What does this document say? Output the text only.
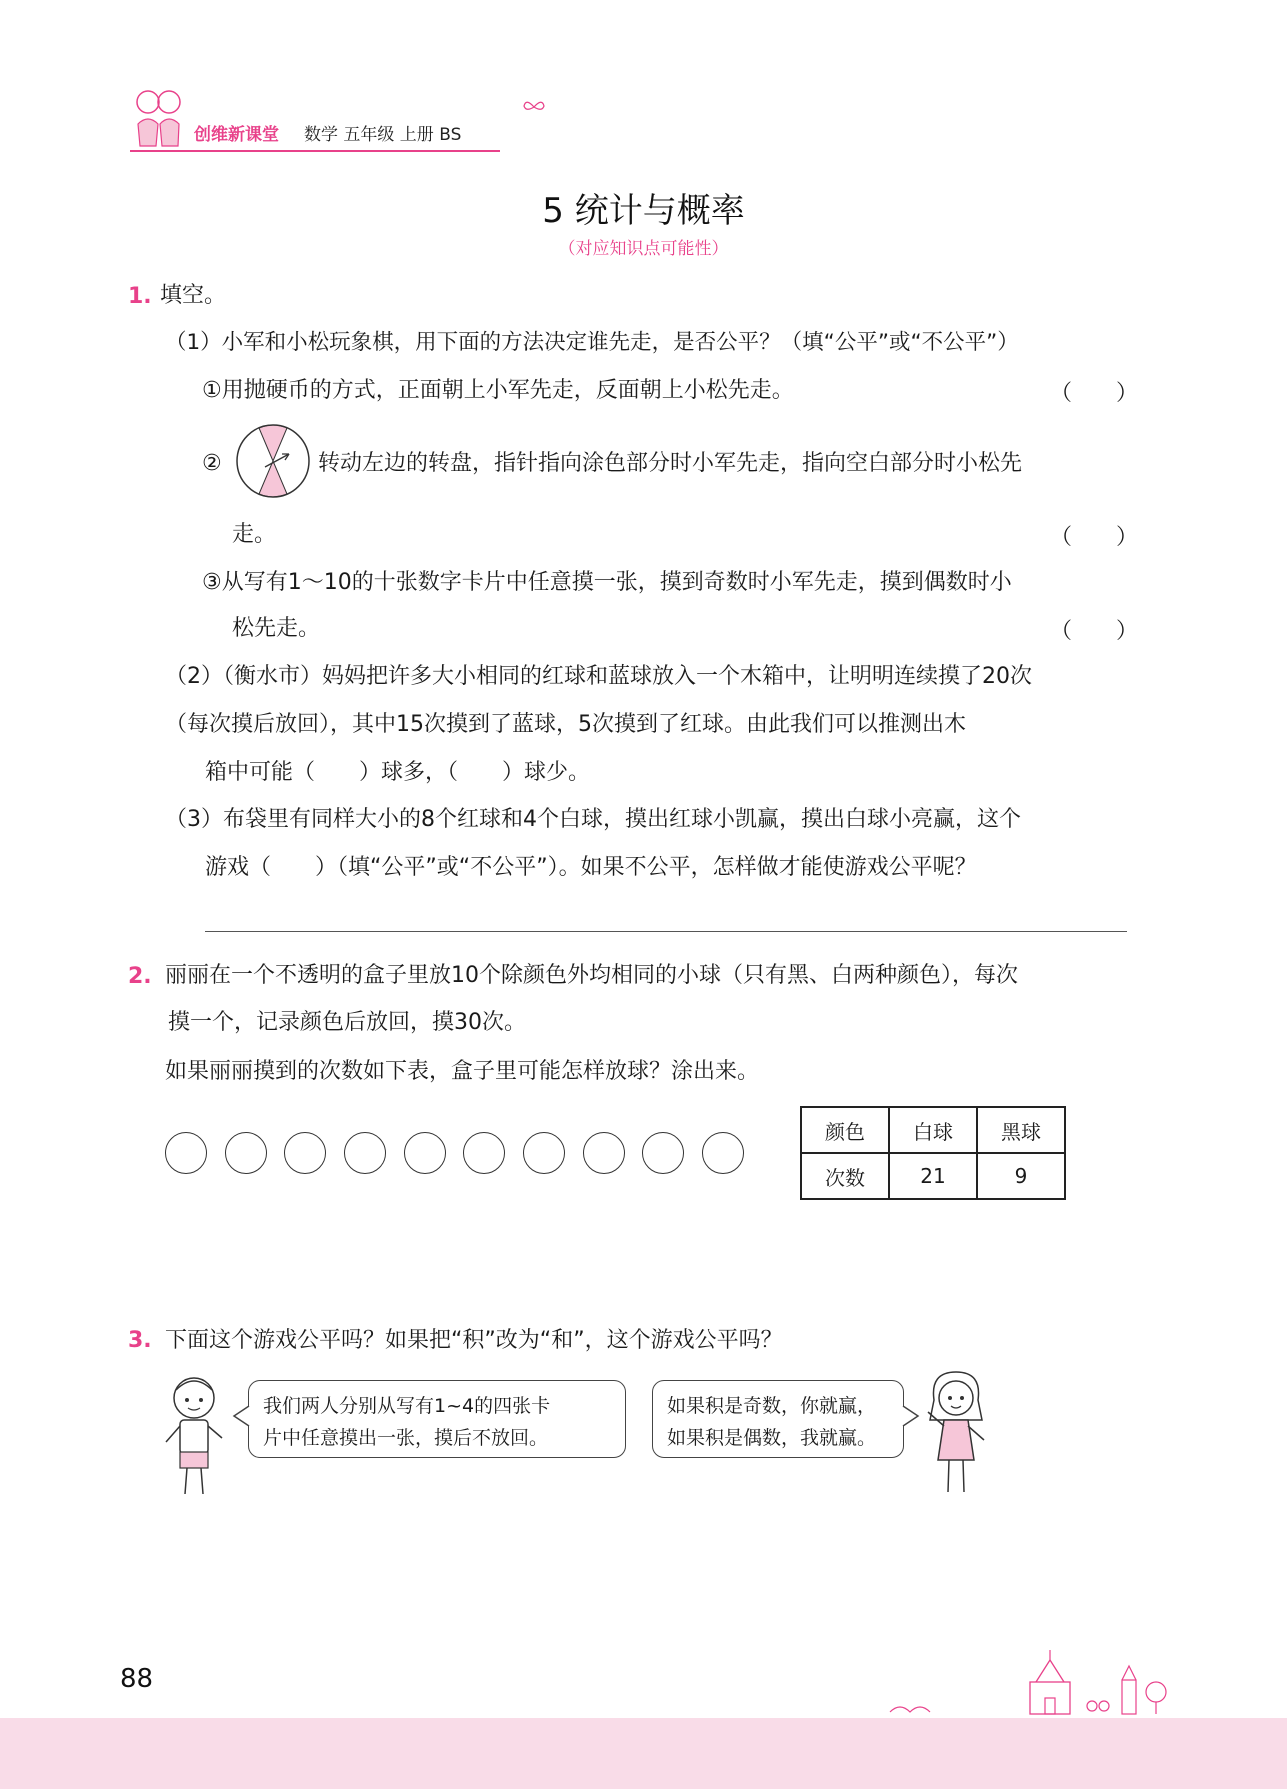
创维新课堂 数学 五年级 上册 BS
5 统计与概率
（对应知识点可能性）
1. 填空。
（1）小军和小松玩象棋，用下面的方法决定谁先走，是否公平？（填“公平”或“不公平”）
①用抛硬币的方式，正面朝上小军先走，反面朝上小松先走。	（　　）
②	转动左边的转盘，指针指向涂色部分时小军先走，指向空白部分时小松先
走。	（　　）
③从写有1～10的十张数字卡片中任意摸一张，摸到奇数时小军先走，摸到偶数时小
松先走。	（　　）
（2）（衡水市）妈妈把许多大小相同的红球和蓝球放入一个木箱中，让明明连续摸了20次
（每次摸后放回），其中15次摸到了蓝球，5次摸到了红球。由此我们可以推测出木
箱中可能（　　）球多，（　　）球少。
（3）布袋里有同样大小的8个红球和4个白球，摸出红球小凯赢，摸出白球小亮赢，这个
游戏（　　）（填“公平”或“不公平”）。如果不公平，怎样做才能使游戏公平呢？
2. 丽丽在一个不透明的盒子里放10个除颜色外均相同的小球（只有黑、白两种颜色），每次
摸一个，记录颜色后放回，摸30次。
如果丽丽摸到的次数如下表，盒子里可能怎样放球？涂出来。
颜色	白球	黑球
次数	21	9
3. 下面这个游戏公平吗？如果把“积”改为“和”，这个游戏公平吗？
我们两人分别从写有1~4的四张卡
片中任意摸出一张，摸后不放回。
如果积是奇数，你就赢，
如果积是偶数，我就赢。
88
